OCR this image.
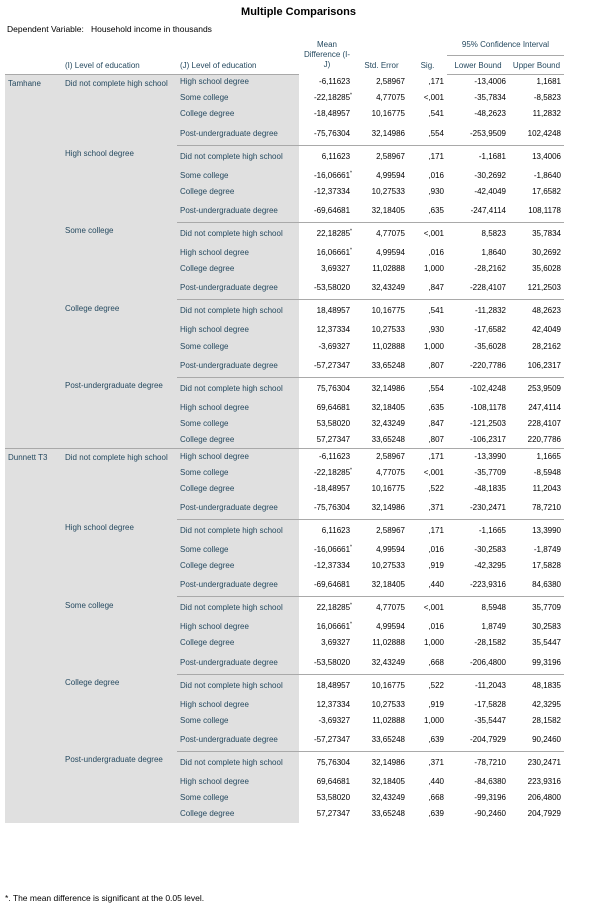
Multiple Comparisons
Dependent Variable:   Household income in thousands
			Mean Difference (I-J)	Std. Error	Sig.	95% Confidence Interval	
	(I) Level of education	(J) Level of education				Lower Bound	Upper Bound
Tamhane	Did not complete high school	High school degree	-6,11623	2,58967	,171	-13,4006	1,1681
		Some college	-22,18285*	4,77075	<,001	-35,7834	-8,5823
		College degree	-18,48957	10,16775	,541	-48,2623	11,2832
		Post-undergraduate degree	-75,76304	32,14986	,554	-253,9509	102,4248
	High school degree	Did not complete high school	6,11623	2,58967	,171	-1,1681	13,4006
		Some college	-16,06661*	4,99594	,016	-30,2692	-1,8640
		College degree	-12,37334	10,27533	,930	-42,4049	17,6582
		Post-undergraduate degree	-69,64681	32,18405	,635	-247,4114	108,1178
	Some college	Did not complete high school	22,18285*	4,77075	<,001	8,5823	35,7834
		High school degree	16,06661*	4,99594	,016	1,8640	30,2692
		College degree	3,69327	11,02888	1,000	-28,2162	35,6028
		Post-undergraduate degree	-53,58020	32,43249	,847	-228,4107	121,2503
	College degree	Did not complete high school	18,48957	10,16775	,541	-11,2832	48,2623
		High school degree	12,37334	10,27533	,930	-17,6582	42,4049
		Some college	-3,69327	11,02888	1,000	-35,6028	28,2162
		Post-undergraduate degree	-57,27347	33,65248	,807	-220,7786	106,2317
	Post-undergraduate degree	Did not complete high school	75,76304	32,14986	,554	-102,4248	253,9509
		High school degree	69,64681	32,18405	,635	-108,1178	247,4114
		Some college	53,58020	32,43249	,847	-121,2503	228,4107
		College degree	57,27347	33,65248	,807	-106,2317	220,7786
Dunnett T3	Did not complete high school	High school degree	-6,11623	2,58967	,171	-13,3990	1,1665
		Some college	-22,18285*	4,77075	<,001	-35,7709	-8,5948
		College degree	-18,48957	10,16775	,522	-48,1835	11,2043
		Post-undergraduate degree	-75,76304	32,14986	,371	-230,2471	78,7210
	High school degree	Did not complete high school	6,11623	2,58967	,171	-1,1665	13,3990
		Some college	-16,06661*	4,99594	,016	-30,2583	-1,8749
		College degree	-12,37334	10,27533	,919	-42,3295	17,5828
		Post-undergraduate degree	-69,64681	32,18405	,440	-223,9316	84,6380
	Some college	Did not complete high school	22,18285*	4,77075	<,001	8,5948	35,7709
		High school degree	16,06661*	4,99594	,016	1,8749	30,2583
		College degree	3,69327	11,02888	1,000	-28,1582	35,5447
		Post-undergraduate degree	-53,58020	32,43249	,668	-206,4800	99,3196
	College degree	Did not complete high school	18,48957	10,16775	,522	-11,2043	48,1835
		High school degree	12,37334	10,27533	,919	-17,5828	42,3295
		Some college	-3,69327	11,02888	1,000	-35,5447	28,1582
		Post-undergraduate degree	-57,27347	33,65248	,639	-204,7929	90,2460
	Post-undergraduate degree	Did not complete high school	75,76304	32,14986	,371	-78,7210	230,2471
		High school degree	69,64681	32,18405	,440	-84,6380	223,9316
		Some college	53,58020	32,43249	,668	-99,3196	206,4800
		College degree	57,27347	33,65248	,639	-90,2460	204,7929
*. The mean difference is significant at the 0.05 level.
